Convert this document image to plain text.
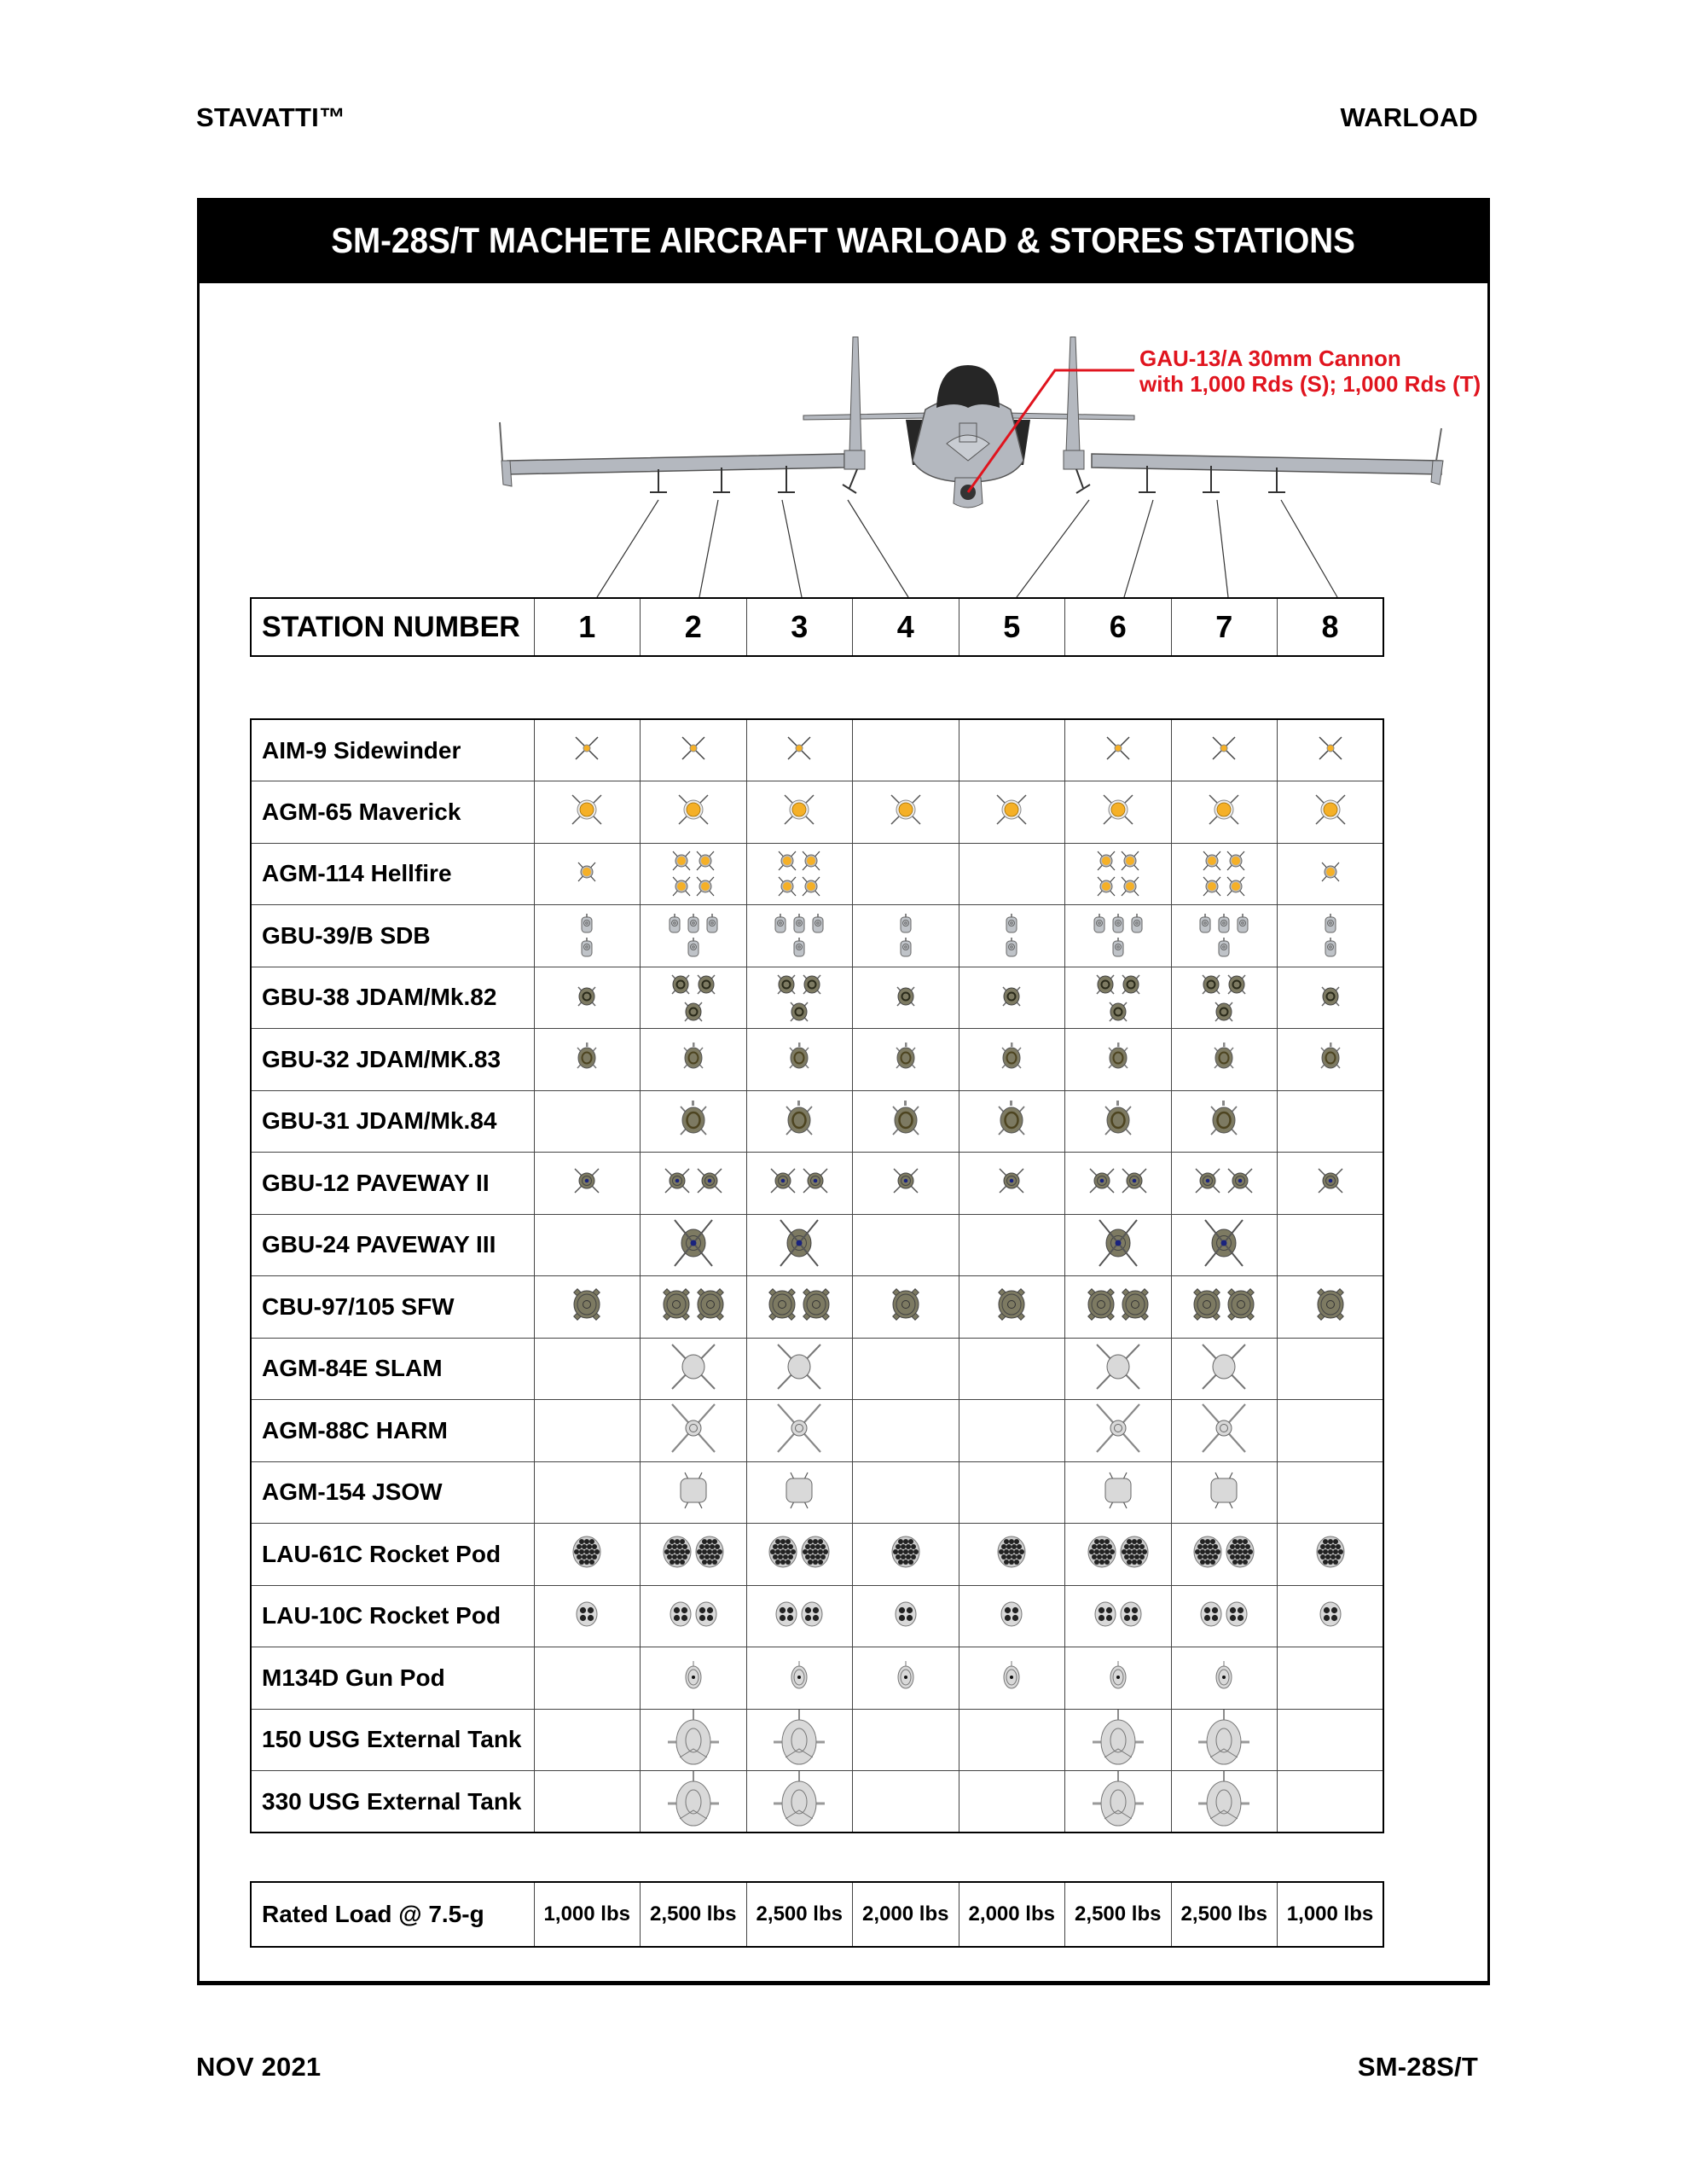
STAVATTI™	WARLOAD
SM-28S/T MACHETE AIRCRAFT WARLOAD & STORES STATIONS
GAU-13/A 30mm Cannon
with 1,000 Rds (S); 1,000 Rds (T)
STATION NUMBER	1	2	3	4	5	6	7	8
AIM-9 Sidewinder	

AGM-65 Maverick	

AGM-114 Hellfire	

GBU-39/B SDB	

GBU-38 JDAM/Mk.82	

GBU-32 JDAM/MK.83	

GBU-31 JDAM/Mk.84		

GBU-12 PAVEWAY II	

GBU-24 PAVEWAY III		

CBU-97/105 SFW	

AGM-84E SLAM		

AGM-88C HARM		

AGM-154 JSOW		

LAU-61C Rocket Pod	

LAU-10C Rocket Pod	

M134D Gun Pod		

150 USG External Tank		

330 USG External Tank		

Rated Load @ 7.5-g	1,000 lbs	2,500 lbs	2,500 lbs	2,000 lbs	2,000 lbs	2,500 lbs	2,500 lbs	1,000 lbs
NOV 2021	SM-28S/T
